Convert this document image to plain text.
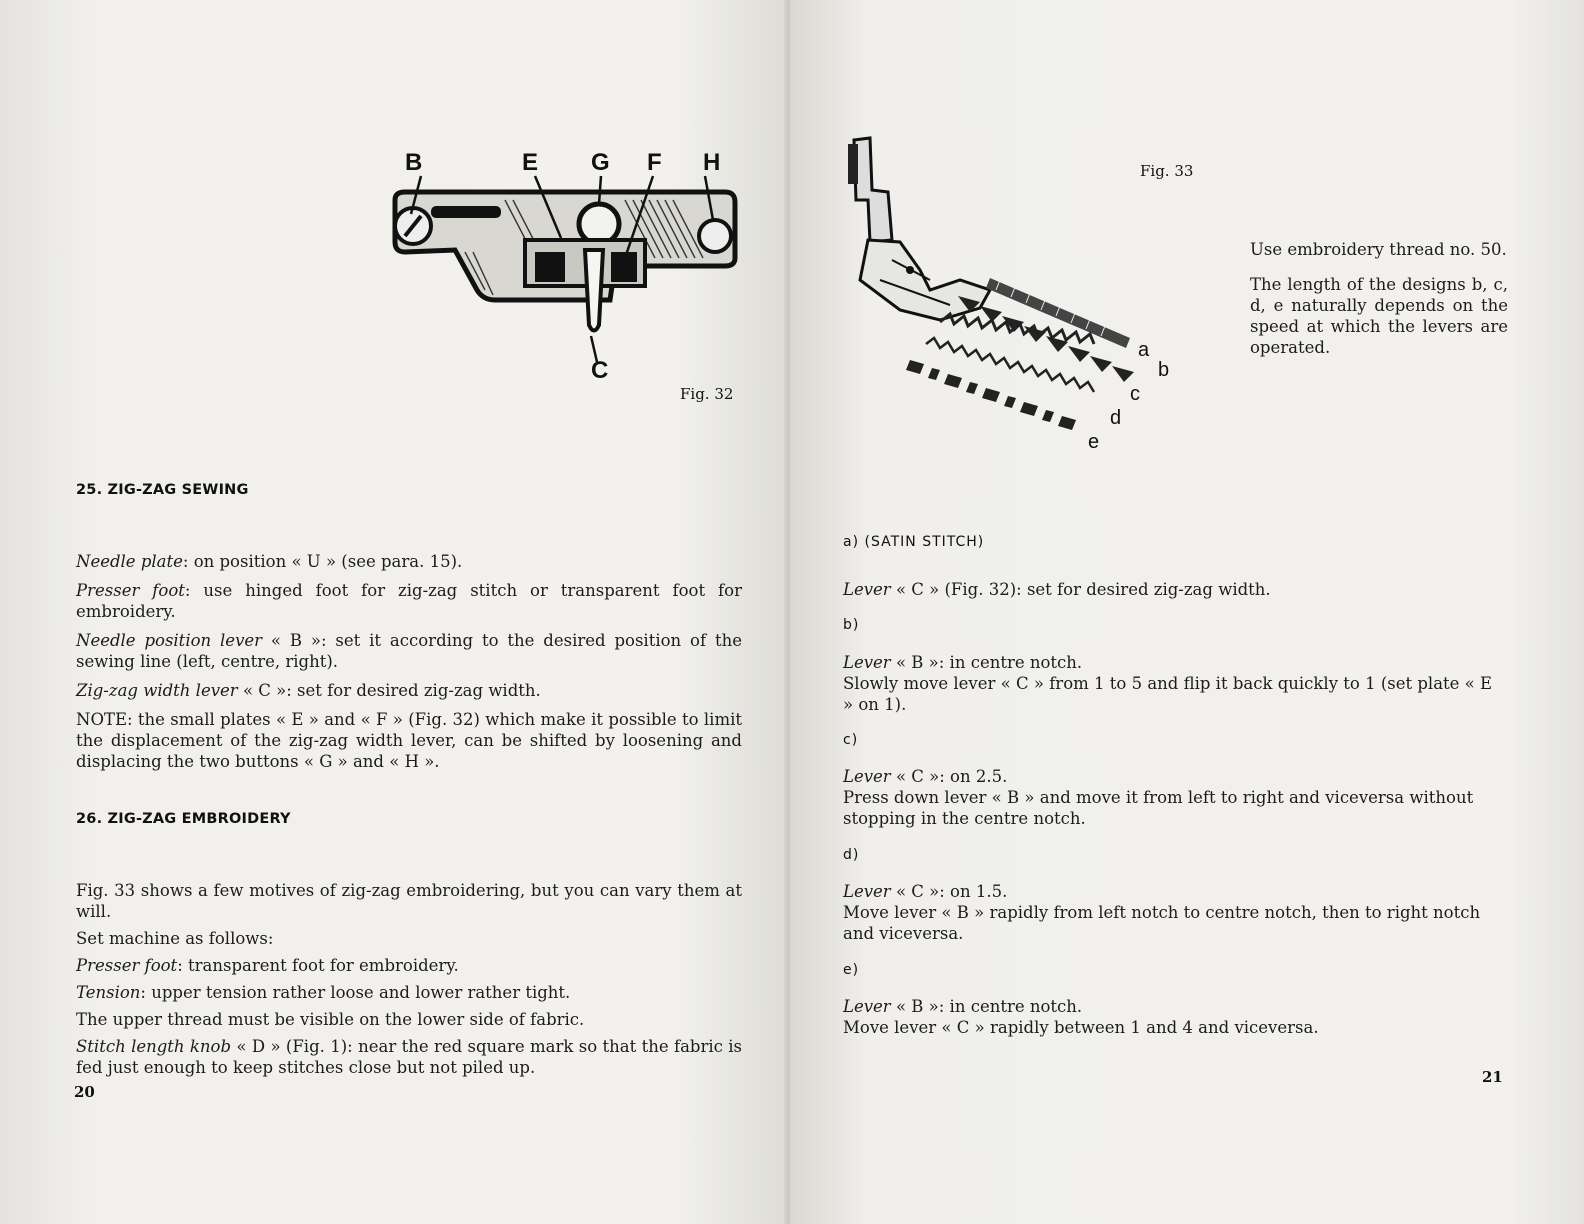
B	E G F H
C
Fig. 32
25. ZIG-ZAG SEWING

Needle plate: on position « U » (see para. 15).

Presser foot: use hinged foot for zig-zag stitch or transparent foot for embroidery.

Needle position lever « B »: set it according to the desired position of the sewing line (left, centre, right).

Zig-zag width lever « C »: set for desired zig-zag width.

NOTE: the small plates « E » and « F » (Fig. 32) which make it possible to limit the displacement of the zig-zag width lever, can be shifted by loosening and displacing the two buttons « G » and « H ».

26. ZIG-ZAG EMBROIDERY

Fig. 33 shows a few motives of zig-zag embroidering, but you can vary them at will.

Set machine as follows:

Presser foot: transparent foot for embroidery.

Tension: upper tension rather loose and lower rather tight.

The upper thread must be visible on the lower side of fabric.

Stitch length knob « D » (Fig. 1): near the red square mark so that the fabric is fed just enough to keep stitches close but not piled up.

20
a
b
c
d
e
Fig. 33

Use embroidery thread no. 50.

The length of the designs b, c, d, e naturally depends on the speed at which the levers are operated.

a) (SATIN STITCH)
Lever « C » (Fig. 32): set for desired zig-zag width.
b)

Lever « B »: in centre notch.

Slowly move lever « C » from 1 to 5 and flip it back quickly to 1 (set plate « E » on 1).

c)

Lever « C »: on 2.5.

Press down lever « B » and move it from left to right and viceversa without stopping in the centre notch.

d)

Lever « C »: on 1.5.

Move lever « B » rapidly from left notch to centre notch, then to right notch and viceversa.

e)

Lever « B »: in centre notch.

Move lever « C » rapidly between 1 and 4 and viceversa.

21
